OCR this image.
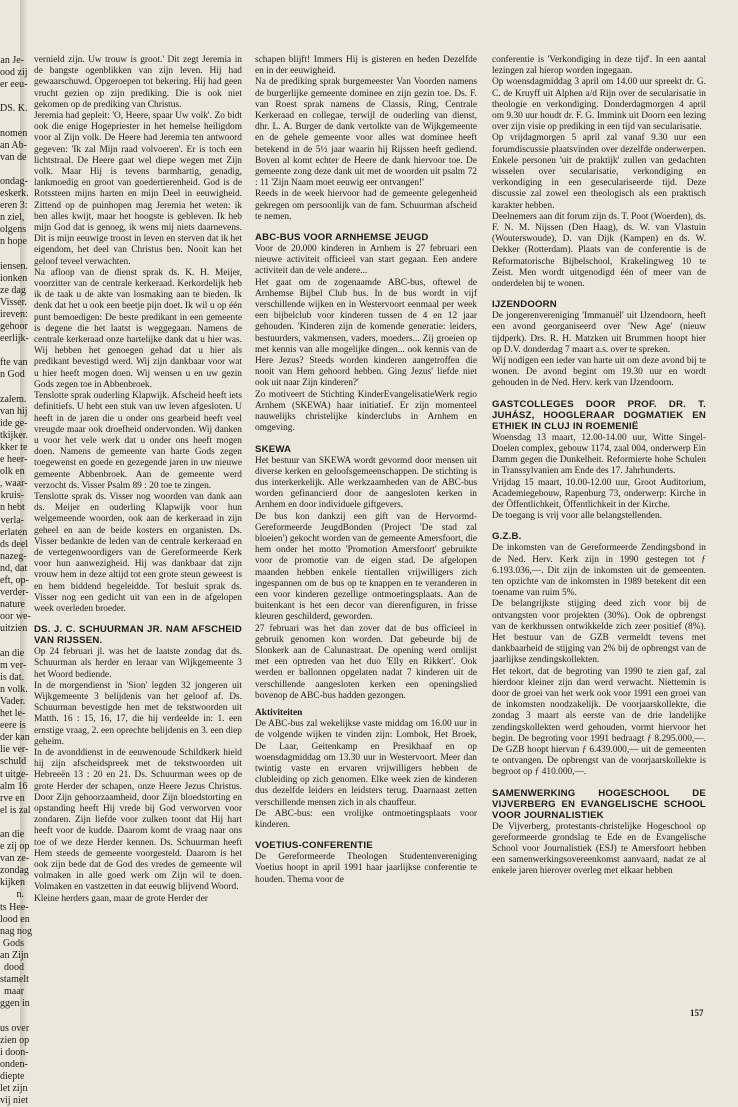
an Je-
ood zij
er eeu-

DS. K.

nomen
an Ab-
van de

ondag-
eskerk.
eren 3:
n ziel,
olgens
n hope

iensen.
ionken
ze dag
Visser.
ireven:
gehoor
eerlijk-

fte van
n God

zalem.
van hij
ide ge-
tkijker.
kker te
e heer-
olk en
, waar-
kruis-
n hebt
verla-
erlaten
ds deel
nazeg-
nd, dat
eft, op-
verder-
nature
oor we-
uitzien

an die
m ver-
is dat.
n volk.
Vader.
het le-
eere is
der kan
lie ver-
schuld
t uitge-
alm 16
rve en
el is zal

an die
e zij op
van ze-
zondag
kijken
n.
ts Hee-
lood en
nag nog
Gods
an Zijn
dood
stamelt
maar
ggen in

us over
zien op
i doon-
onden-
diepte
let zijn
vij niet

vernield zijn. Uw trouw is groot.' Dit zegt Jeremia in de bangste ogenblikken van zijn leven. Hij had gewaarschuwd. Opgeroepen tot bekering. Hij had geen vrucht gezien op zijn prediking. Die is ook niet gekomen op de prediking van Christus.

Jeremia had gepleit: 'O, Heere, spaar Uw volk'. Zo bidt ook die enige Hogepriester in het hemelse heiligdom voor al Zijn volk. De Heere had Jeremia ten antwoord gegeven: 'Ik zal Mijn raad volvoeren'. Er is toch een lichtstraal. De Heere gaat wel diepe wegen met Zijn volk. Maar Hij is tevens barmhartig, genadig, lankmoedig en groot van goedertierenheid. God is de Rotssteen mijns harten en mijn Deel in eeuwigheid. Zittend op de puinhopen mag Jeremia het weten: ik ben alles kwijt, maar het hoogste is gebleven. Ik heb mijn God dat is genoeg, ik wens mij niets daarnevens. Dit is mijn eeuwige troost in leven en sterven dat ik het eigendom, het deel van Christus ben. Nooit kan het geloof teveel verwachten.

Na afloop van de dienst sprak ds. K. H. Meijer, voorzitter van de centrale kerkeraad. Kerkordelijk heb ik de taak u de akte van losmaking aan te bieden. Ik denk dat het u ook een beetje pijn doet. Ik wil u op één punt bemoedigen: De beste predikant in een gemeente is degene die het laatst is weggegaan. Namens de centrale kerkeraad onze hartelijke dank dat u hier was. Wij hebben het genoegen gehad dat u hier als predikant bevestigd werd. Wij zijn dankbaar voor wat u hier heeft mogen doen. Wij wensen u en uw gezin Gods zegen toe in Abbenbroek.

Tenslotte sprak ouderling Klapwijk. Afscheid heeft iets definitiefs. U hebt een stuk van uw leven afgesloten. U heeft in de jaren die u onder ons gearbeid heeft veel vreugde maar ook droefheid ondervonden. Wij danken u voor het vele werk dat u onder ons heeft mogen doen. Namens de gemeente van harte Gods zegen toegewenst en goede en gezegende jaren in uw nieuwe gemeente Abbenbroek. Aan de gemeente werd verzocht ds. Visser Psalm 89 : 20 toe te zingen.

Tenslotte sprak ds. Visser nog woorden van dank aan ds. Meijer en ouderling Klapwijk voor hun welgemeende woorden, ook aan de kerkeraad in zijn geheel en aan de beide kosters en organisten. Ds. Visser bedankte de leden van de centrale kerkeraad en de vertegenwoordigers van de Gereformeerde Kerk voor hun aanwezigheid. Hij was dankbaar dat zijn vrouw hem in deze altijd tot een grote steun geweest is en hem biddend begeleidde. Tot besluit sprak ds. Visser nog een gedicht uit van een in de afgelopen week overleden broeder.

DS. J. C. SCHUURMAN JR. NAM AFSCHEID VAN RIJSSEN.

Op 24 februari jl. was het de laatste zondag dat ds. Schuurman als herder en leraar van Wijkgemeente 3 het Woord bediende.

In de morgendienst in 'Sion' legden 32 jongeren uit Wijkgemeente 3 belijdenis van het geloof af. Ds. Schuurman bevestigde hen met de tekstwoorden uit Matth. 16 : 15, 16, 17, die hij verdeelde in: 1. een ernstige vraag, 2. een oprechte belijdenis en 3. een diep geheim.

In de avonddienst in de eeuwenoude Schildkerk hield hij zijn afscheidspreek met de tekstwoorden uit Hebreeën 13 : 20 en 21. Ds. Schuurman wees op de grote Herder der schapen, onze Heere Jezus Christus. Door Zijn gehoorzaamheid, door Zijn bloedstorting en opstanding heeft Hij vrede bij God verworven voor zondaren. Zijn liefde voor zulken toont dat Hij hart heeft voor de kudde. Daarom komt de vraag naar ons toe of we deze Herder kennen. Ds. Schuurman heeft Hem steeds de gemeente voorgesteld. Daarom is het ook zijn bede dat de God des vredes de gemeente wil volmaken in alle goed werk om Zijn wil te doen. Volmaken en vastzetten in dat eeuwig blijvend Woord.

Kleine herders gaan, maar de grote Herder der

schapen blijft! Immers Hij is gisteren en heden Dezelfde en in der eeuwigheid.

Na de prediking sprak burgemeester Van Voorden namens de burgerlijke gemeente dominee en zijn gezin toe. Ds. F. van Roest sprak namens de Classis, Ring, Centrale Kerkeraad en collegae, terwijl de ouderling van dienst, dhr. L. A. Burger de dank vertolkte van de Wijkgemeente en de gehele gemeente voor alles wat dominee heeft betekend in de 5½ jaar waarin hij Rijssen heeft gediend. Boven al komt echter de Heere de dank hiervoor toe. De gemeente zong deze dank uit met de woorden uit psalm 72 : 11 'Zijn Naam moet eeuwig eer ontvangen!'

Reeds in de week hiervoor had de gemeente gelegenheid gekregen om persoonlijk van de fam. Schuurman afscheid te nemen.

ABC-BUS VOOR ARNHEMSE JEUGD

Voor de 20.000 kinderen in Arnhem is 27 februari een nieuwe activiteit officieel van start gegaan. Een andere activiteit dan de vele andere...

Het gaat om de zogenaamde ABC-bus, oftewel de Arnhemse Bijbel Club bus. In de bus wordt in vijf verschillende wijken en in Westervoort eenmaal per week een bijbelclub voor kinderen tussen de 4 en 12 jaar gehouden. 'Kinderen zijn de komende generatie: leiders, bestuurders, vakmensen, vaders, moeders... Zij groeien op met kennis van alle mogelijke dingen... ook kennis van de Here Jezus? Steeds worden kinderen aangetroffen die nooit van Hem gehoord hebben. Ging Jezus' liefde niet ook uit naar Zijn kinderen?'

Zo motiveert de Stichting KinderEvangelisatieWerk regio Arnhem (SKEWA) haar initiatief. Er zijn momenteel nauwelijks christelijke kinderclubs in Arnhem en omgeving.

SKEWA

Het bestuur van SKEWA wordt gevormd door mensen uit diverse kerken en geloofsgemeenschappen. De stichting is dus interkerkelijk. Alle werkzaamheden van de ABC-bus worden gefinancierd door de aangesloten kerken in Arnhem en door individuele giftgevers.

De bus kon dankzij een gift van de Hervormd-Gereformeerde JeugdBonden (Project 'De stad zal bloeien') gekocht worden van de gemeente Amersfoort, die hem onder het motto 'Promotion Amersfoort' gebruikte voor de promotie van de eigen stad. De afgelopen maanden hebben enkele tientallen vrijwilligers zich ingespannen om de bus op te knappen en te veranderen in een voor kinderen gezellige ontmoetingsplaats. Aan de buitenkant is het een decor van dierenfiguren, in frisse kleuren geschilderd, geworden.

27 februari was het dan zover dat de bus officieel in gebruik genomen kon worden. Dat gebeurde bij de Slonkerk aan de Calunastraat. De opening werd omlijst met een optreden van het duo 'Elly en Rikkert'. Ook werden er ballonnen opgelaten nadat 7 kinderen uit de verschillende aangesloten kerken een openingslied bovenop de ABC-bus hadden gezongen.

Aktiviteiten

De ABC-bus zal wekelijkse vaste middag om 16.00 uur in de volgende wijken te vinden zijn: Lombok, Het Broek, De Laar, Geitenkamp en Presikhaaf en op woensdagmiddag om 13.30 uur in Westervoort. Meer dan twintig vaste en ervaren vrijwilligers hebben de clubleiding op zich genomen. Elke week zien de kinderen dus dezelfde leiders en leidsters terug. Daarnaast zetten verschillende mensen zich in als chauffeur.

De ABC-bus: een vrolijke ontmoetingsplaats voor kinderen.

VOETIUS-CONFERENTIE

De Gereformeerde Theologen Studentenvereniging Voetius hoopt in april 1991 haar jaarlijkse conferentie te houden. Thema voor de

conferentie is 'Verkondiging in deze tijd'. In een aantal lezingen zal hierop worden ingegaan.

Op woensdagmiddag 3 april om 14.00 uur spreekt dr. G. C. de Kruyff uit Alphen a/d Rijn over de secularisatie in theologie en verkondiging. Donderdagmorgen 4 april om 9.30 uur houdt dr. F. G. Immink uit Doorn een lezing over zijn visie op prediking in een tijd van secularisatie.

Op vrijdagmorgen 5 april zal vanaf 9.30 uur een forumdiscussie plaatsvinden over dezelfde onderwerpen. Enkele personen 'uit de praktijk' zullen van gedachten wisselen over secularisatie, verkondiging en verkondiging in een geseculariseerde tijd. Deze discussie zal zowel een theologisch als een praktisch karakter hebben.

Deelnemers aan dit forum zijn ds. T. Poot (Woerden), ds. F. N. M. Nijssen (Den Haag), ds. W. van Vlastuin (Wouterswoude), D. van Dijk (Kampen) en ds. W. Dekker (Rotterdam). Plaats van de conferentie is de Reformatorische Bijbelschool, Krakelingweg 10 te Zeist. Men wordt uitgenodigd één of meer van de onderdelen bij te wonen.

IJZENDOORN

De jongerenvereniging 'Immanuël' uit IJzendoorn, heeft een avond georganiseerd over 'New Age' (nieuw tijdperk). Drs. R. H. Matzken uit Brummen hoopt hier op D.V. donderdag 7 maart a.s. over te spreken.

Wij nodigen een ieder van harte uit om deze avond bij te wonen. De avond begint om 19.30 uur en wordt gehouden in de Ned. Herv. kerk van IJzendoorn.

GASTCOLLEGES DOOR PROF. DR. T. JUHÁSZ, HOOGLERAAR DOGMATIEK EN ETHIEK IN CLUJ IN ROEMENIË

Woensdag 13 maart, 12.00-14.00 uur, Witte Singel-Doelen complex, gebouw 1174, zaal 004, onderwerp Ein Damm gegen die Dunkelheit. Reformierte hohe Schulen in Transsylvanien am Ende des 17. Jahrhunderts.

Vrijdag 15 maart, 10.00-12.00 uur, Groot Auditorium, Academiegebouw, Rapenburg 73, onderwerp: Kirche in der Öffentlichkeit, Öffentlichkeit in der Kirche.

De toegang is vrij voor alle belangstellenden.

G.Z.B.

De inkomsten van de Gereformeerde Zendingsbond in de Ned. Herv. Kerk zijn in 1990 gestegen tot ƒ 6.193.036,—. Dit zijn de inkomsten uit de gemeenten. ten opzichte van de inkomsten in 1989 betekent dit een toename van ruim 5%.

De belangrijkste stijging deed zich voor bij de ontvangsten voor projekten (30%). Ook de opbrengst van de kerkhussen ontwikkelde zich zeer positief (8%). Het bestuur van de GZB vermeldt tevens met dankbaarheid de stijging van 2% bij de opbrengst van de jaarlijkse zendingskollekten.

Het tekort, dat de begroting van 1990 te zien gaf, zal hierdoor kleiner zijn dan werd verwacht. Niettemin is door de groei van het werk ook voor 1991 een groei van de inkomsten noodzakelijk. De voorjaarskollekte, die zondag 3 maart als eerste van de drie landelijke zendingskollekten werd gehouden, vormt hiervoor het begin. De begroting voor 1991 bedraagt ƒ 8.295.000,—. De GZB hoopt hiervan ƒ 6.439.000,— uit de gemeenten te ontvangen. De opbrengst van de voorjaarskollekte is begroot op ƒ 410.000,—.

SAMENWERKING HOGESCHOOL DE VIJVERBERG EN EVANGELISCHE SCHOOL VOOR JOURNALISTIEK

De Vijverberg, protestants-christelijke Hogeschool op gereformeerde grondslag te Ede en de Evangelische School voor Journalistiek (ESJ) te Amersfoort hebben een samenwerkingsovereenkomst aanvaard, nadat ze al enkele jaren hierover overleg met elkaar hebben

157
